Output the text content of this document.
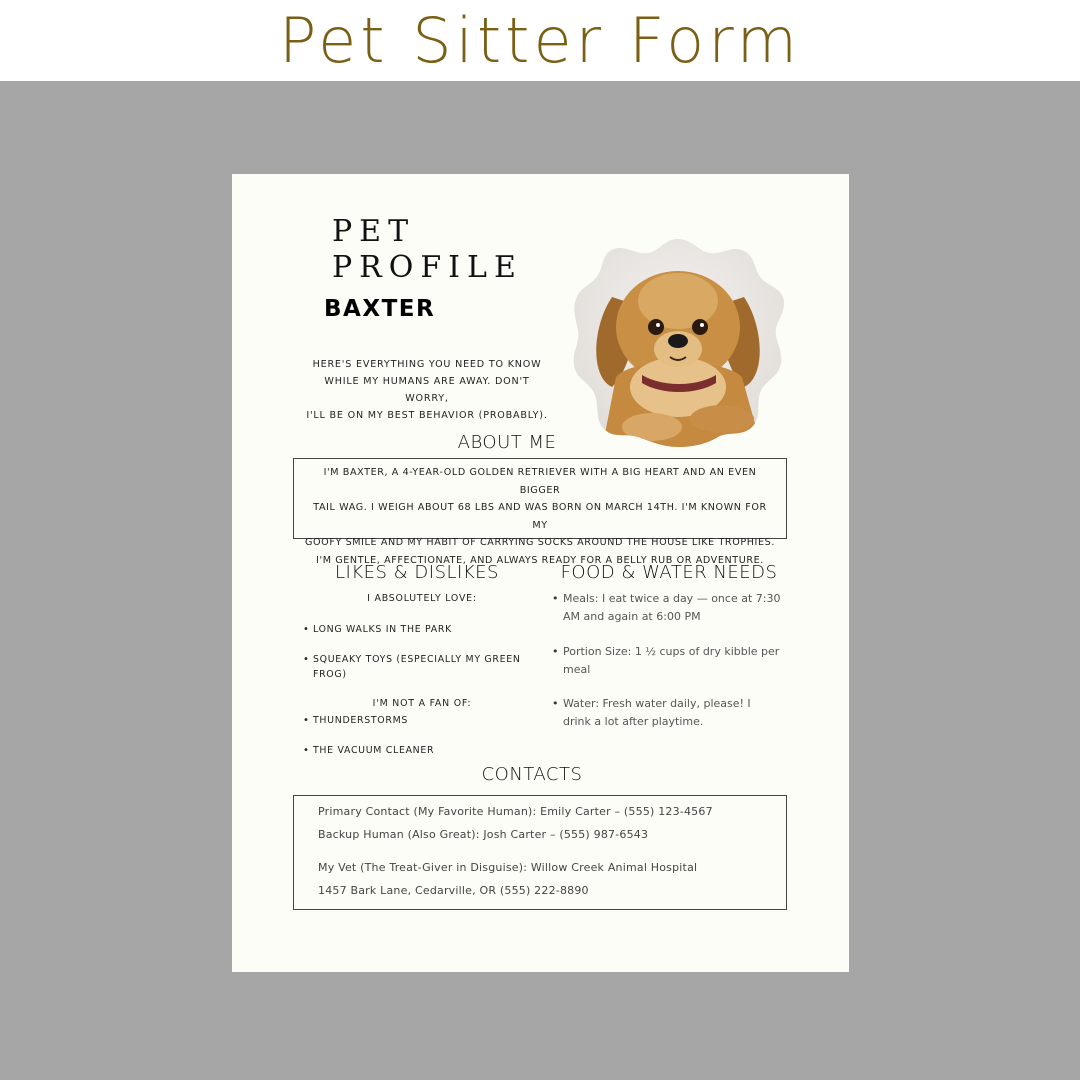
Pet Sitter Form
PET PROFILE
BAXTER
HERE'S EVERYTHING YOU NEED TO KNOW
WHILE MY HUMANS ARE AWAY. DON'T WORRY,
I'LL BE ON MY BEST BEHAVIOR (PROBABLY).
ABOUT ME
I'M BAXTER, A 4-YEAR-OLD GOLDEN RETRIEVER WITH A BIG HEART AND AN EVEN BIGGER
TAIL WAG. I WEIGH ABOUT 68 LBS AND WAS BORN ON MARCH 14TH. I'M KNOWN FOR MY
GOOFY SMILE AND MY HABIT OF CARRYING SOCKS AROUND THE HOUSE LIKE TROPHIES.
I'M GENTLE, AFFECTIONATE, AND ALWAYS READY FOR A BELLY RUB OR ADVENTURE.
LIKES & DISLIKES
I ABSOLUTELY LOVE:
• LONG WALKS IN THE PARK
• SQUEAKY TOYS (ESPECIALLY MY GREEN FROG)
I'M NOT A FAN OF:
• THUNDERSTORMS
• THE VACUUM CLEANER
FOOD & WATER NEEDS
• Meals: I eat twice a day — once at 7:30 AM and again at 6:00 PM
• Portion Size: 1 ½ cups of dry kibble per meal
• Water: Fresh water daily, please! I drink a lot after playtime.
CONTACTS
Primary Contact (My Favorite Human): Emily Carter – (555) 123-4567
Backup Human (Also Great): Josh Carter – (555) 987-6543
My Vet (The Treat-Giver in Disguise): Willow Creek Animal Hospital
1457 Bark Lane, Cedarville, OR (555) 222-8890
